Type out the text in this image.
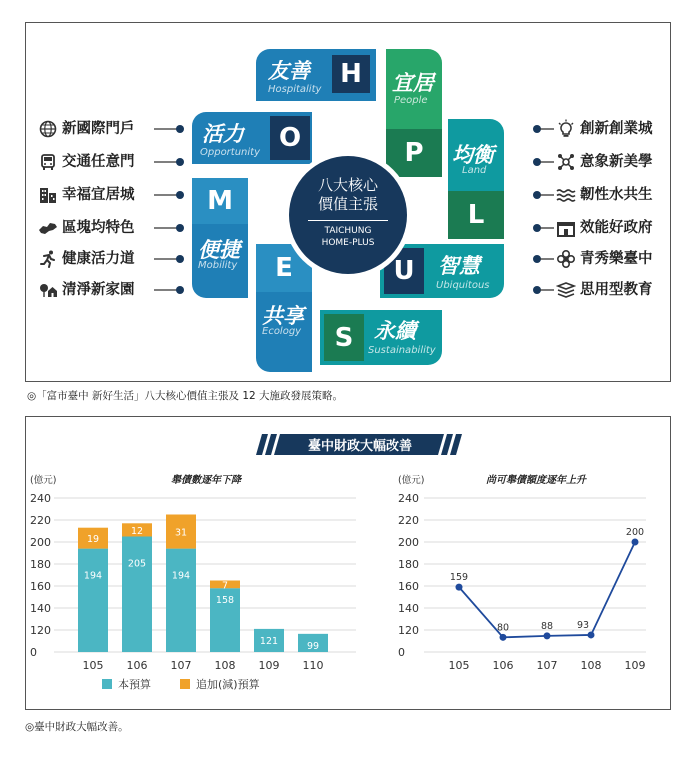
新國際門戶
交通任意門
幸福宜居城
區塊均特色
健康活力道
清淨新家園
創新創業城
意象新美學
韌性水共生
效能好政府
青秀樂臺中
思用型教育
友善
Hospitality
H	宜居
People
P
活力
Opportunity O
均衡
Land
L
便捷
Mobility
M
智慧
Ubiquitous
U
共享
Ecology
E
永續
Sustainability
S
八大核心
價值主張
TAICHUNG
HOME-PLUS
◎「富市臺中 新好生活」八大核心價值主張及 12 大施政發展策略。
臺中財政大幅改善
(億元)	舉債數逐年下降
0
120
140
160
180
200
220
240
194
19
105
205
12
106
194
31
107
158
7
108
121
109
99
110
本預算	追加(減)預算
(億元)	尚可舉債額度逐年上升
0
120
140
160
180
200
220
240
159
105
80
106
88
107
93
108
200
109
◎臺中財政大幅改善。
